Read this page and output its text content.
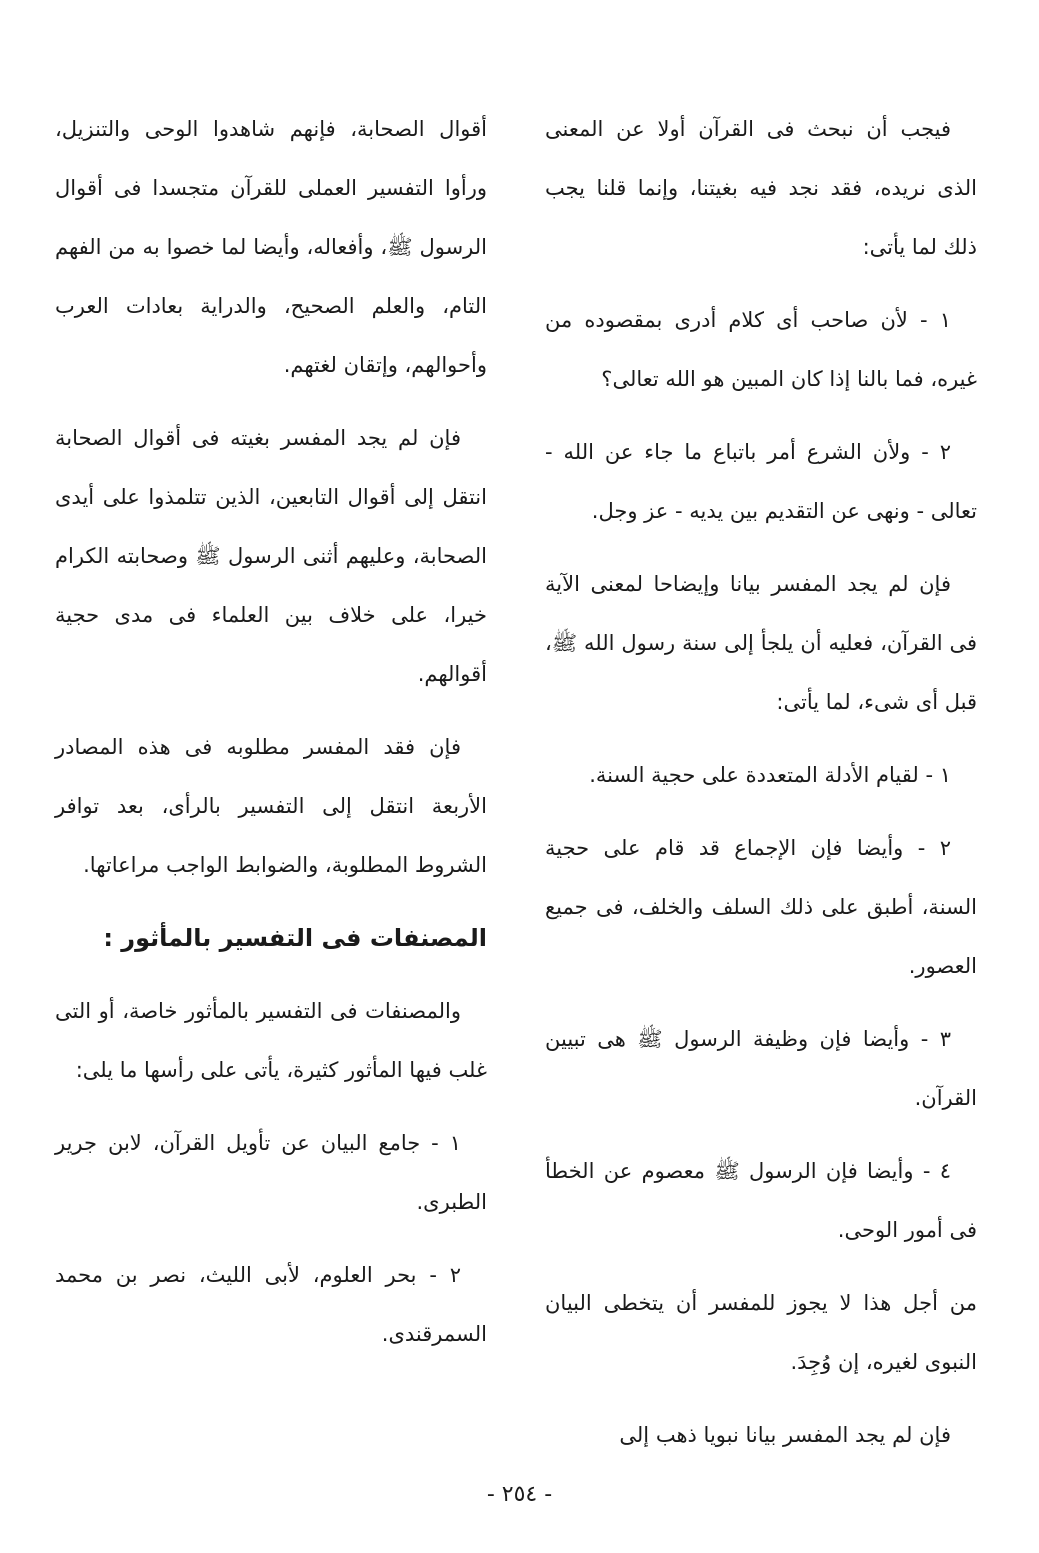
فيجب أن نبحث فى القرآن أولا عن المعنى الذى نريده، فقد نجد فيه بغيتنا، وإنما قلنا يجب ذلك لما يأتى:

١ - لأن صاحب أى كلام أدرى بمقصوده من غيره، فما بالنا إذا كان المبين هو الله تعالى؟

٢ - ولأن الشرع أمر باتباع ما جاء عن الله - تعالى - ونهى عن التقديم بين يديه - عز وجل.

فإن لم يجد المفسر بيانا وإيضاحا لمعنى الآية فى القرآن، فعليه أن يلجأ إلى سنة رسول الله ﷺ، قبل أى شىء، لما يأتى:

١ - لقيام الأدلة المتعددة على حجية السنة.

٢ - وأيضا فإن الإجماع قد قام على حجية السنة، أطبق على ذلك السلف والخلف، فى جميع العصور.

٣ - وأيضا فإن وظيفة الرسول ﷺ هى تبيين القرآن.

٤ - وأيضا فإن الرسول ﷺ معصوم عن الخطأ فى أمور الوحى.

من أجل هذا لا يجوز للمفسر أن يتخطى البيان النبوى لغيره، إن وُجِدَ.

فإن لم يجد المفسر بيانا نبويا ذهب إلى

أقوال الصحابة، فإنهم شاهدوا الوحى والتنزيل، ورأوا التفسير العملى للقرآن متجسدا فى أقوال الرسول ﷺ، وأفعاله، وأيضا لما خصوا به من الفهم التام، والعلم الصحيح، والدراية بعادات العرب وأحوالهم، وإتقان لغتهم.

فإن لم يجد المفسر بغيته فى أقوال الصحابة انتقل إلى أقوال التابعين، الذين تتلمذوا على أيدى الصحابة، وعليهم أثنى الرسول ﷺ وصحابته الكرام خيرا، على خلاف بين العلماء فى مدى حجية أقوالهم.

فإن فقد المفسر مطلوبه فى هذه المصادر الأربعة انتقل إلى التفسير بالرأى، بعد توافر الشروط المطلوبة، والضوابط الواجب مراعاتها.

المصنفات فى التفسير بالمأثور :

والمصنفات فى التفسير بالمأثور خاصة، أو التى غلب فيها المأثور كثيرة، يأتى على رأسها ما يلى:

١ - جامع البيان عن تأويل القرآن، لابن جرير الطبرى.

٢ - بحر العلوم، لأبى الليث، نصر بن محمد السمرقندى.

- ٢٥٤ -
